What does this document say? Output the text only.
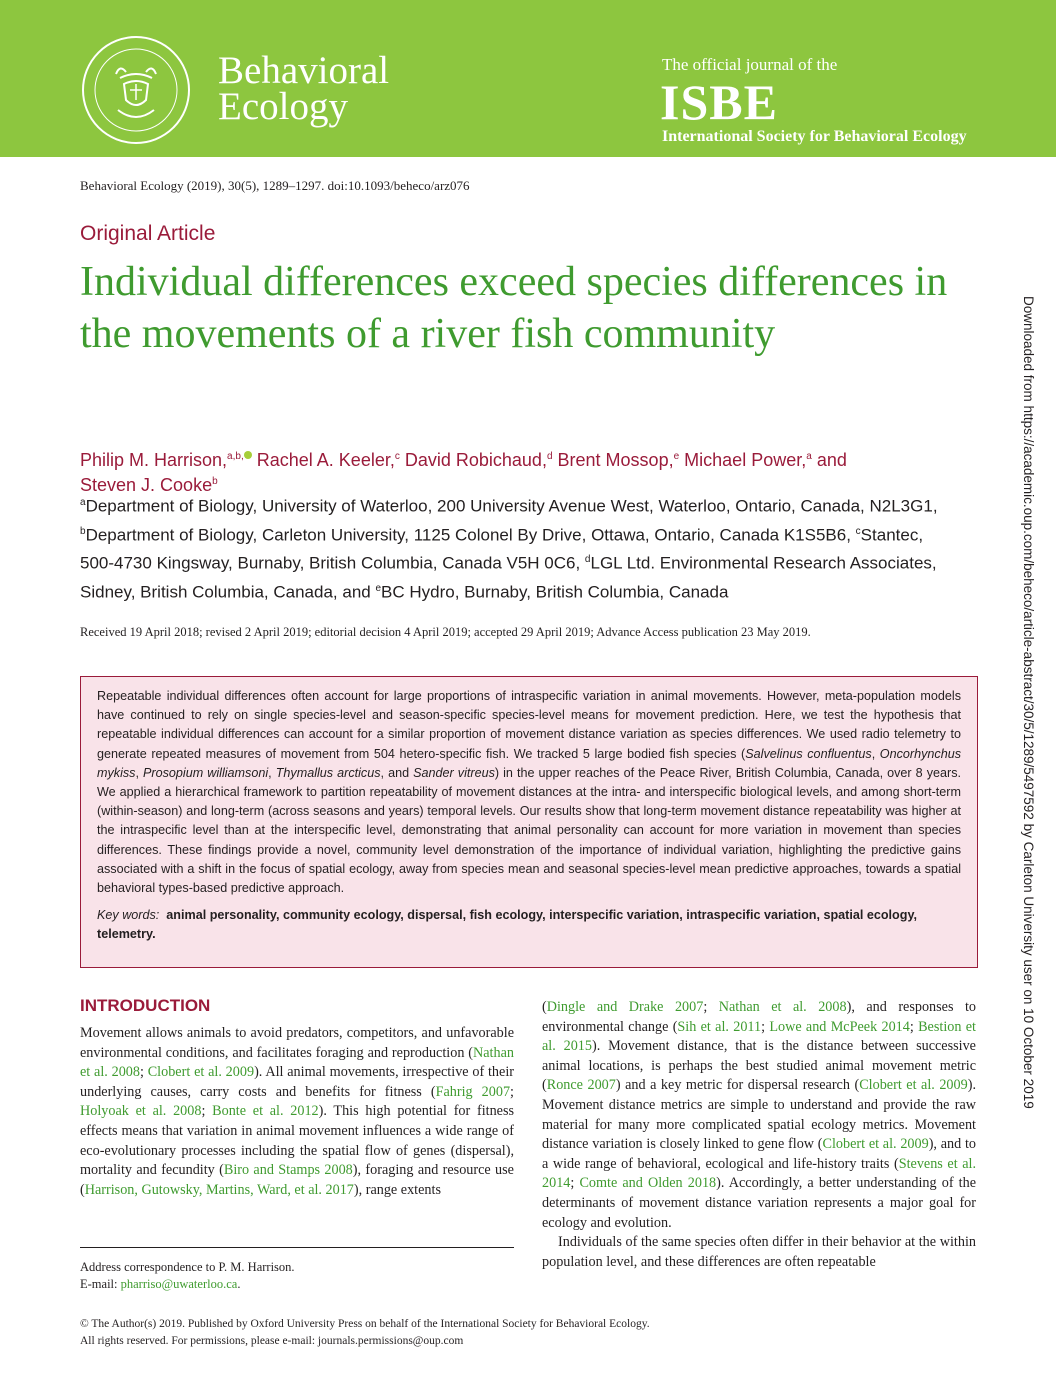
Behavioral
Ecology
The official journal of the
ISBE
International Society for Behavioral Ecology
Behavioral Ecology (2019), 30(5), 1289–1297. doi:10.1093/beheco/arz076
Original Article
Individual differences exceed species differences in the movements of a river fish community
Philip M. Harrison,$^{a,b,}$ Rachel A. Keeler,$^c$ David Robichaud,$^d$ Brent Mossop,$^e$ Michael Power,$^a$ and
Steven J. Cooke$^b$
$^a$Department of Biology, University of Waterloo, 200 University Avenue West, Waterloo, Ontario, Canada, N2L3G1, $^b$Department of Biology, Carleton University, 1125 Colonel By Drive, Ottawa, Ontario, Canada K1S5B6, $^c$Stantec, 500-4730 Kingsway, Burnaby, British Columbia, Canada V5H 0C6, $^d$LGL Ltd. Environmental Research Associates, Sidney, British Columbia, Canada, and $^e$BC Hydro, Burnaby, British Columbia, Canada
Received 19 April 2018; revised 2 April 2019; editorial decision 4 April 2019; accepted 29 April 2019; Advance Access publication 23 May 2019.

Repeatable individual differences often account for large proportions of intraspecific variation in animal movements. However, meta-population models have continued to rely on single species-level and season-specific species-level means for movement prediction. Here, we test the hypothesis that repeatable individual differences can account for a similar proportion of movement distance variation as species differences. We used radio telemetry to generate repeated measures of movement from 504 hetero-specific fish. We tracked 5 large bodied fish species (Salvelinus confluentus, Oncorhynchus mykiss, Prosopium williamsoni, Thymallus arcticus, and Sander vitreus) in the upper reaches of the Peace River, British Columbia, Canada, over 8 years. We applied a hierarchical framework to partition repeatability of movement distances at the intra- and interspecific biological levels, and among short-term (within-season) and long-term (across seasons and years) temporal levels. Our results show that long-term movement distance repeatability was higher at the intraspecific level than at the interspecific level, demonstrating that animal personality can account for more variation in movement than species differences. These findings provide a novel, community level demonstration of the importance of individual variation, highlighting the predictive gains associated with a shift in the focus of spatial ecology, away from species mean and seasonal species-level mean predictive approaches, towards a spatial behavioral types-based predictive approach.

Key words: animal personality, community ecology, dispersal, fish ecology, interspecific variation, intraspecific variation, spatial ecology, telemetry.	Downloaded from https://academic.oup.com/beheco/article-abstract/30/5/1289/5497592 by Carleton University user on 10 October 2019
INTRODUCTION

Movement allows animals to avoid predators, competitors, and unfavorable environmental conditions, and facilitates foraging and reproduction (Nathan et al. 2008; Clobert et al. 2009). All animal movements, irrespective of their underlying causes, carry costs and benefits for fitness (Fahrig 2007; Holyoak et al. 2008; Bonte et al. 2012). This high potential for fitness effects means that variation in animal movement influences a wide range of eco-evolutionary processes including the spatial flow of genes (dispersal), mortality and fecundity (Biro and Stamps 2008), foraging and resource use (Harrison, Gutowsky, Martins, Ward, et al. 2017), range extents

(Dingle and Drake 2007; Nathan et al. 2008), and responses to environmental change (Sih et al. 2011; Lowe and McPeek 2014; Bestion et al. 2015). Movement distance, that is the distance between successive animal locations, is perhaps the best studied animal movement metric (Ronce 2007) and a key metric for dispersal research (Clobert et al. 2009). Movement distance metrics are simple to understand and provide the raw material for many more complicated spatial ecology metrics. Movement distance variation is closely linked to gene flow (Clobert et al. 2009), and to a wide range of behavioral, ecological and life-history traits (Stevens et al. 2014; Comte and Olden 2018). Accordingly, a better understanding of the determinants of movement distance variation represents a major goal for ecology and evolution.

Individuals of the same species often differ in their behavior at the within population level, and these differences are often repeatable

Address correspondence to P. M. Harrison.
E-mail: pharriso@uwaterloo.ca.
© The Author(s) 2019. Published by Oxford University Press on behalf of the International Society for Behavioral Ecology.
All rights reserved. For permissions, please e-mail: journals.permissions@oup.com
